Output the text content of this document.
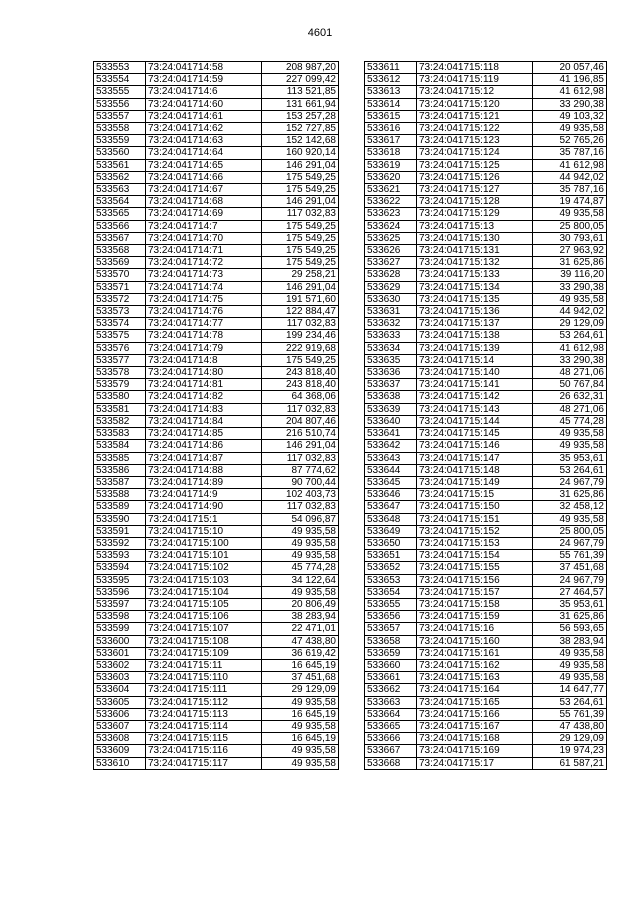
4601
533553	73:24:041714:58	208 987,20
533554	73:24:041714:59	227 099,42
533555	73:24:041714:6	113 521,85
533556	73:24:041714:60	131 661,94
533557	73:24:041714:61	153 257,28
533558	73:24:041714:62	152 727,85
533559	73:24:041714:63	152 142,68
533560	73:24:041714:64	160 920,14
533561	73:24:041714:65	146 291,04
533562	73:24:041714:66	175 549,25
533563	73:24:041714:67	175 549,25
533564	73:24:041714:68	146 291,04
533565	73:24:041714:69	117 032,83
533566	73:24:041714:7	175 549,25
533567	73:24:041714:70	175 549,25
533568	73:24:041714:71	175 549,25
533569	73:24:041714:72	175 549,25
533570	73:24:041714:73	29 258,21
533571	73:24:041714:74	146 291,04
533572	73:24:041714:75	191 571,60
533573	73:24:041714:76	122 884,47
533574	73:24:041714:77	117 032,83
533575	73:24:041714:78	199 234,46
533576	73:24:041714:79	222 919,68
533577	73:24:041714:8	175 549,25
533578	73:24:041714:80	243 818,40
533579	73:24:041714:81	243 818,40
533580	73:24:041714:82	64 368,06
533581	73:24:041714:83	117 032,83
533582	73:24:041714:84	204 807,46
533583	73:24:041714:85	216 510,74
533584	73:24:041714:86	146 291,04
533585	73:24:041714:87	117 032,83
533586	73:24:041714:88	87 774,62
533587	73:24:041714:89	90 700,44
533588	73:24:041714:9	102 403,73
533589	73:24:041714:90	117 032,83
533590	73:24:041715:1	54 096,87
533591	73:24:041715:10	49 935,58
533592	73:24:041715:100	49 935,58
533593	73:24:041715:101	49 935,58
533594	73:24:041715:102	45 774,28
533595	73:24:041715:103	34 122,64
533596	73:24:041715:104	49 935,58
533597	73:24:041715:105	20 806,49
533598	73:24:041715:106	38 283,94
533599	73:24:041715:107	22 471,01
533600	73:24:041715:108	47 438,80
533601	73:24:041715:109	36 619,42
533602	73:24:041715:11	16 645,19
533603	73:24:041715:110	37 451,68
533604	73:24:041715:111	29 129,09
533605	73:24:041715:112	49 935,58
533606	73:24:041715:113	16 645,19
533607	73:24:041715:114	49 935,58
533608	73:24:041715:115	16 645,19
533609	73:24:041715:116	49 935,58
533610	73:24:041715:117	49 935,58
533611	73:24:041715:118	20 057,46
533612	73:24:041715:119	41 196,85
533613	73:24:041715:12	41 612,98
533614	73:24:041715:120	33 290,38
533615	73:24:041715:121	49 103,32
533616	73:24:041715:122	49 935,58
533617	73:24:041715:123	52 765,26
533618	73:24:041715:124	35 787,16
533619	73:24:041715:125	41 612,98
533620	73:24:041715:126	44 942,02
533621	73:24:041715:127	35 787,16
533622	73:24:041715:128	19 474,87
533623	73:24:041715:129	49 935,58
533624	73:24:041715:13	25 800,05
533625	73:24:041715:130	30 793,61
533626	73:24:041715:131	27 963,92
533627	73:24:041715:132	31 625,86
533628	73:24:041715:133	39 116,20
533629	73:24:041715:134	33 290,38
533630	73:24:041715:135	49 935,58
533631	73:24:041715:136	44 942,02
533632	73:24:041715:137	29 129,09
533633	73:24:041715:138	53 264,61
533634	73:24:041715:139	41 612,98
533635	73:24:041715:14	33 290,38
533636	73:24:041715:140	48 271,06
533637	73:24:041715:141	50 767,84
533638	73:24:041715:142	26 632,31
533639	73:24:041715:143	48 271,06
533640	73:24:041715:144	45 774,28
533641	73:24:041715:145	49 935,58
533642	73:24:041715:146	49 935,58
533643	73:24:041715:147	35 953,61
533644	73:24:041715:148	53 264,61
533645	73:24:041715:149	24 967,79
533646	73:24:041715:15	31 625,86
533647	73:24:041715:150	32 458,12
533648	73:24:041715:151	49 935,58
533649	73:24:041715:152	25 800,05
533650	73:24:041715:153	24 967,79
533651	73:24:041715:154	55 761,39
533652	73:24:041715:155	37 451,68
533653	73:24:041715:156	24 967,79
533654	73:24:041715:157	27 464,57
533655	73:24:041715:158	35 953,61
533656	73:24:041715:159	31 625,86
533657	73:24:041715:16	56 593,65
533658	73:24:041715:160	38 283,94
533659	73:24:041715:161	49 935,58
533660	73:24:041715:162	49 935,58
533661	73:24:041715:163	49 935,58
533662	73:24:041715:164	14 647,77
533663	73:24:041715:165	53 264,61
533664	73:24:041715:166	55 761,39
533665	73:24:041715:167	47 438,80
533666	73:24:041715:168	29 129,09
533667	73:24:041715:169	19 974,23
533668	73:24:041715:17	61 587,21
